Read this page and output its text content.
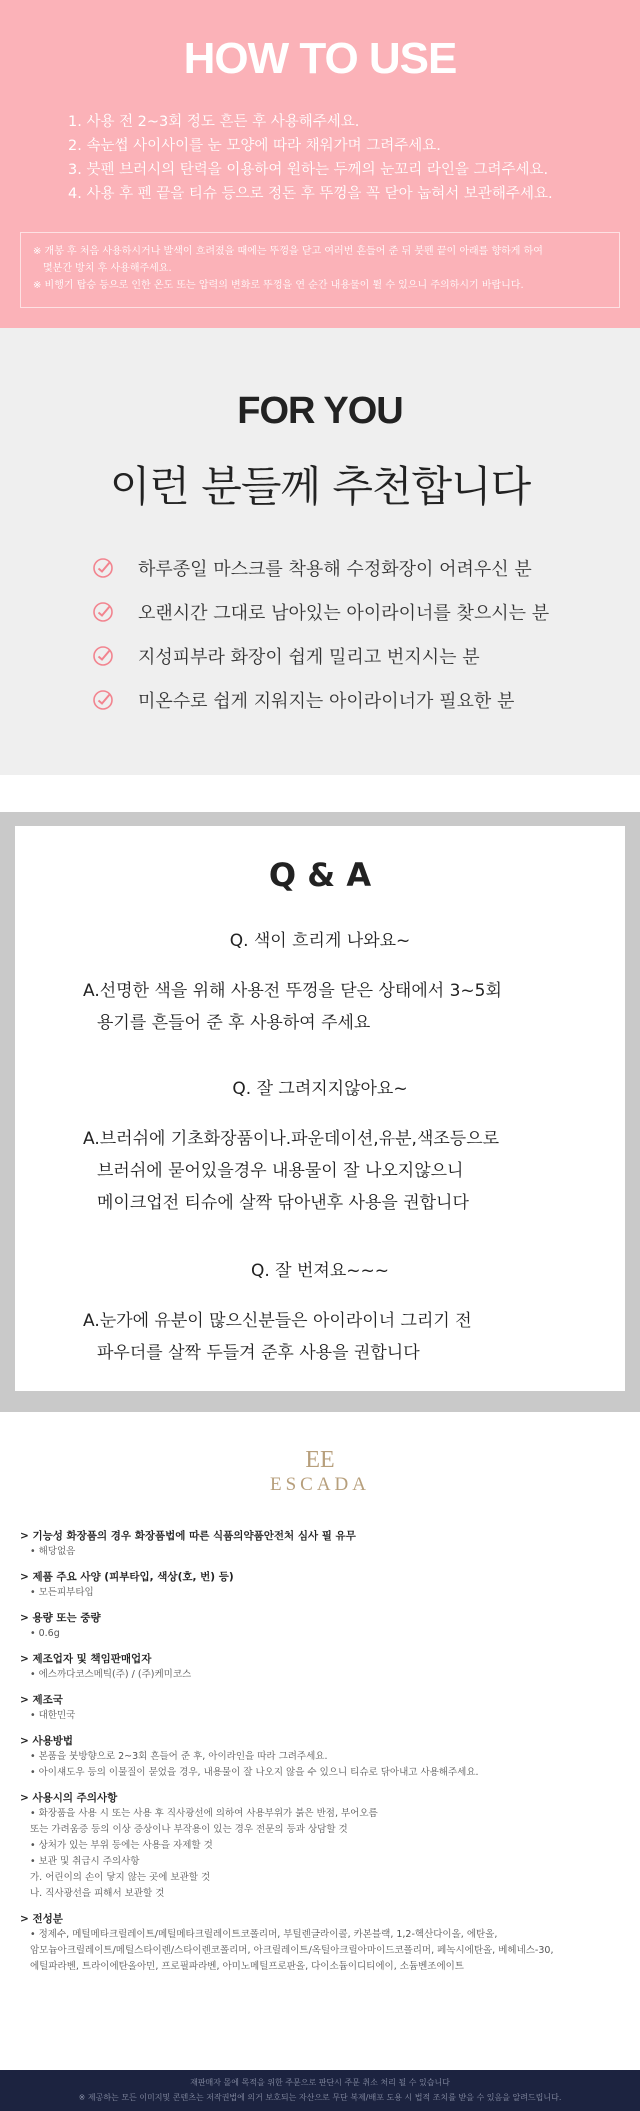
HOW TO USE
1. 사용 전 2~3회 정도 흔든 후 사용해주세요.
2. 속눈썹 사이사이를 눈 모양에 따라 채워가며 그려주세요.
3. 붓펜 브러시의 탄력을 이용하여 원하는 두께의 눈꼬리 라인을 그려주세요.
4. 사용 후 펜 끝을 티슈 등으로 정돈 후 뚜껑을 꼭 닫아 눕혀서 보관해주세요.

※ 개봉 후 처음 사용하시거나 발색이 흐려졌을 때에는 뚜껑을 닫고 여러번 흔들어 준 뒤 붓펜 끝이 아래를 향하게 하여

몇분간 방치 후 사용해주세요.

※ 비행기 탑승 등으로 인한 온도 또는 압력의 변화로 뚜껑을 연 순간 내용물이 튈 수 있으니 주의하시기 바랍니다.

FOR YOU
이런 분들께 추천합니다
하루종일 마스크를 착용해 수정화장이 어려우신 분
오랜시간 그대로 남아있는 아이라이너를 찾으시는 분
지성피부라 화장이 쉽게 밀리고 번지시는 분
미온수로 쉽게 지워지는 아이라이너가 필요한 분
Q & A
Q. 색이 흐리게 나와요~
A.선명한 색을 위해 사용전 뚜껑을 닫은 상태에서 3~5회
용기를 흔들어 준 후 사용하여 주세요
Q. 잘 그려지지않아요~
A.브러쉬에 기초화장품이나.파운데이션,유분,색조등으로
브러쉬에 묻어있을경우 내용물이 잘 나오지않으니
메이크업전 티슈에 살짝 닦아낸후 사용을 권합니다
Q. 잘 번져요~~~
A.눈가에 유분이 많으신분들은 아이라이너 그리기 전
파우더를 살짝 두들겨 준후 사용을 권합니다
EE
ESCADA
> 기능성 화장품의 경우 화장품법에 따른 식품의약품안전처 심사 필 유무
• 해당없음
> 제품 주요 사양 (피부타입, 색상(호, 번) 등)
• 모든피부타입
> 용량 또는 중량
• 0.6g
> 제조업자 및 책임판매업자
• 에스까다코스메틱(주) / (주)케미코스
> 제조국
• 대한민국
> 사용방법
• 본품을 붓방향으로 2~3회 흔들어 준 후, 아이라인을 따라 그려주세요.
• 아이섀도우 등의 이물질이 묻었을 경우, 내용물이 잘 나오지 않을 수 있으니 티슈로 닦아내고 사용해주세요.
> 사용시의 주의사항
• 화장품을 사용 시 또는 사용 후 직사광선에 의하여 사용부위가 붉은 반점, 부어오름
또는 가려움증 등의 이상 증상이나 부작용이 있는 경우 전문의 등과 상담할 것
• 상처가 있는 부위 등에는 사용을 자제할 것
• 보관 및 취급시 주의사항
가. 어린이의 손이 닿지 않는 곳에 보관할 것
나. 직사광선을 피해서 보관할 것
> 전성분
• 정제수, 메틸메타크릴레이트/메틸메타크릴레이트코폴리머, 부틸렌글라이콜, 카본블랙, 1,2-헥산다이올, 에탄올,
암모늄아크릴레이트/메틸스타이렌/스타이렌코폴리머, 아크릴레이트/옥틸아크릴아마이드코폴리머, 페녹시에탄올, 베헤네스-30,
에틸파라벤, 트라이에탄올아민, 프로필파라벤, 아미노메틸프로판올, 다이소듐이디티에이, 소듐벤조에이트

재판매자 몰에 목적을 위한 주문으로 판단시 주문 취소 처리 될 수 있습니다

※ 제공하는 모든 이미지및 콘텐츠는 저작권법에 의거 보호되는 자산으로 무단 복제/배포 도용 시 법적 조치를 받을 수 있음을 알려드립니다.
